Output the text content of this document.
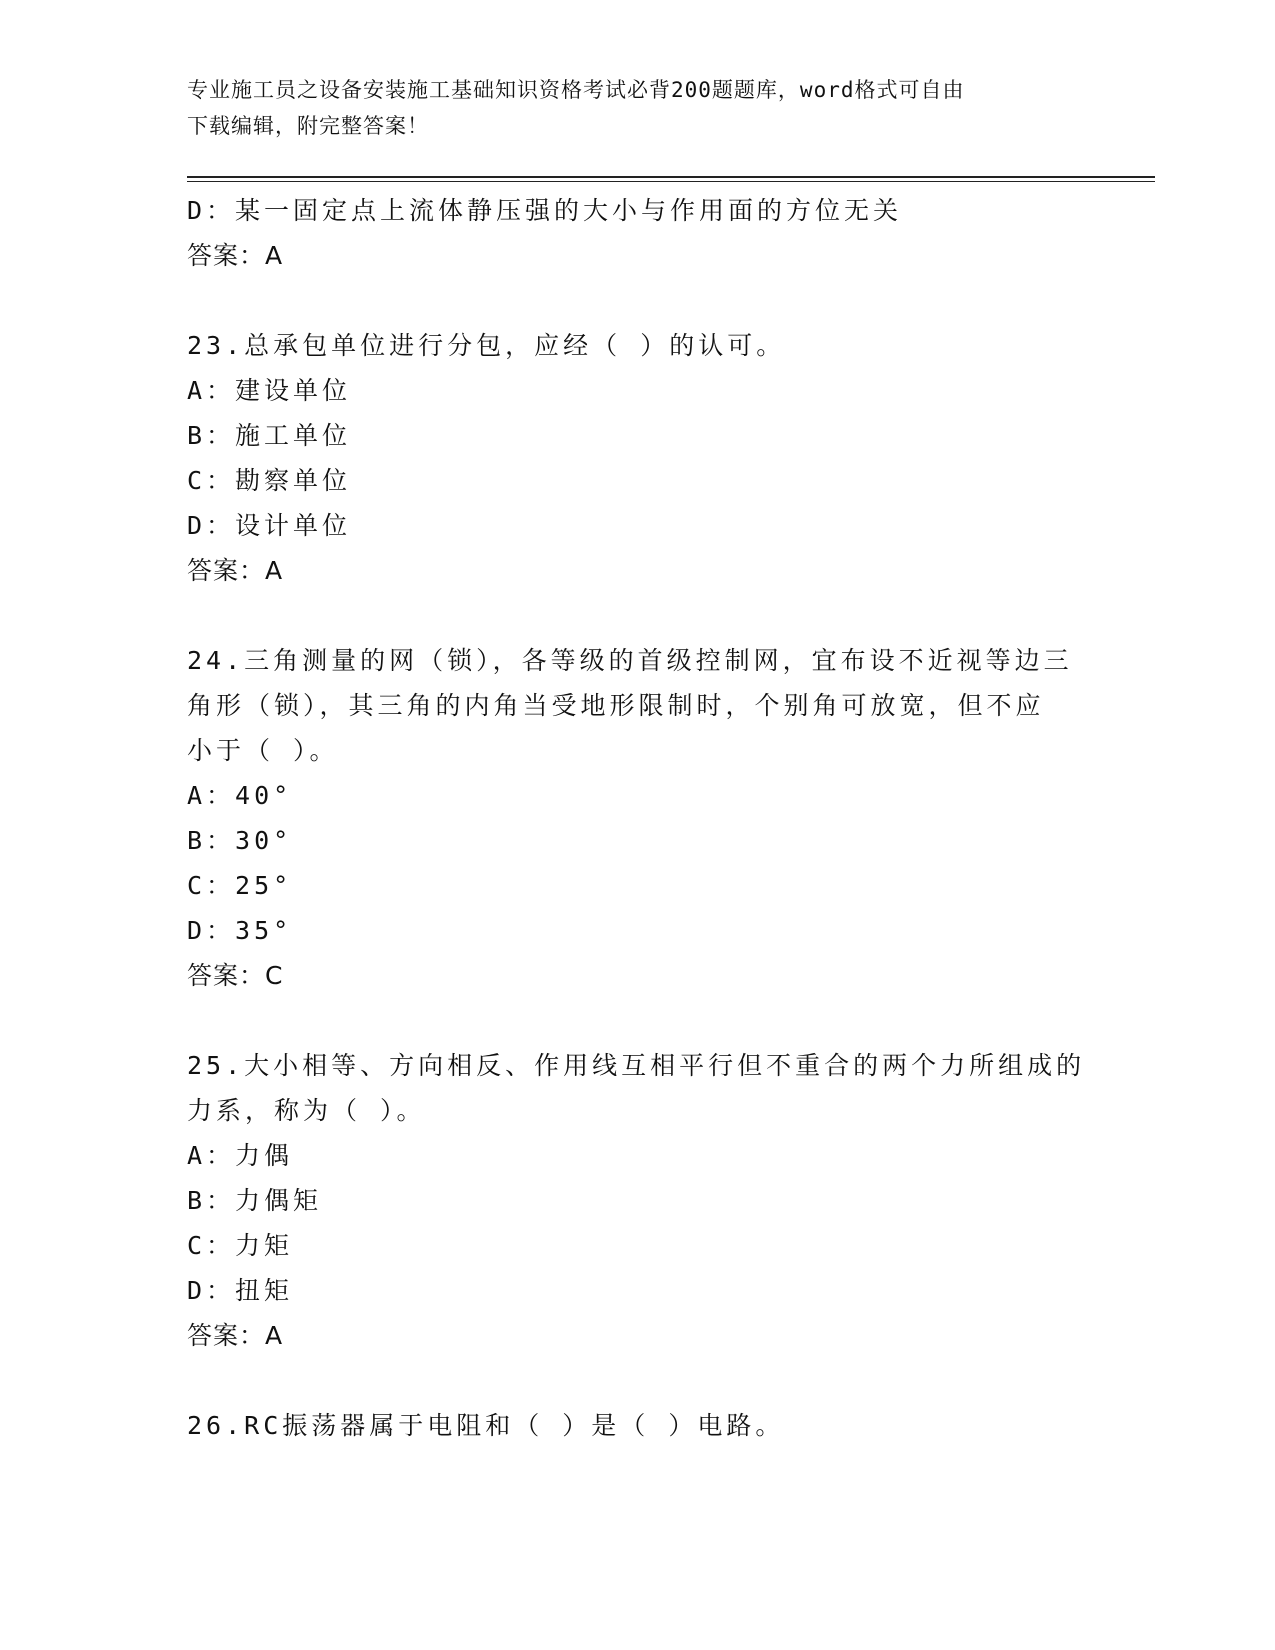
专业施工员之设备安装施工基础知识资格考试必背200题题库，word格式可自由
下载编辑，附完整答案！
D：某一固定点上流体静压强的大小与作用面的方位无关
答案：A
23.总承包单位进行分包，应经（ ）的认可。
A：建设单位
B：施工单位
C：勘察单位
D：设计单位
答案：A
24.三角测量的网（锁），各等级的首级控制网，宜布设不近视等边三
角形（锁），其三角的内角当受地形限制时，个别角可放宽，但不应
小于（ ）。
A：40°
B：30°
C：25°
D：35°
答案：C
25.大小相等、方向相反、作用线互相平行但不重合的两个力所组成的
力系，称为（ ）。
A：力偶
B：力偶矩
C：力矩
D：扭矩
答案：A
26.RC振荡器属于电阻和（ ）是（ ）电路。
